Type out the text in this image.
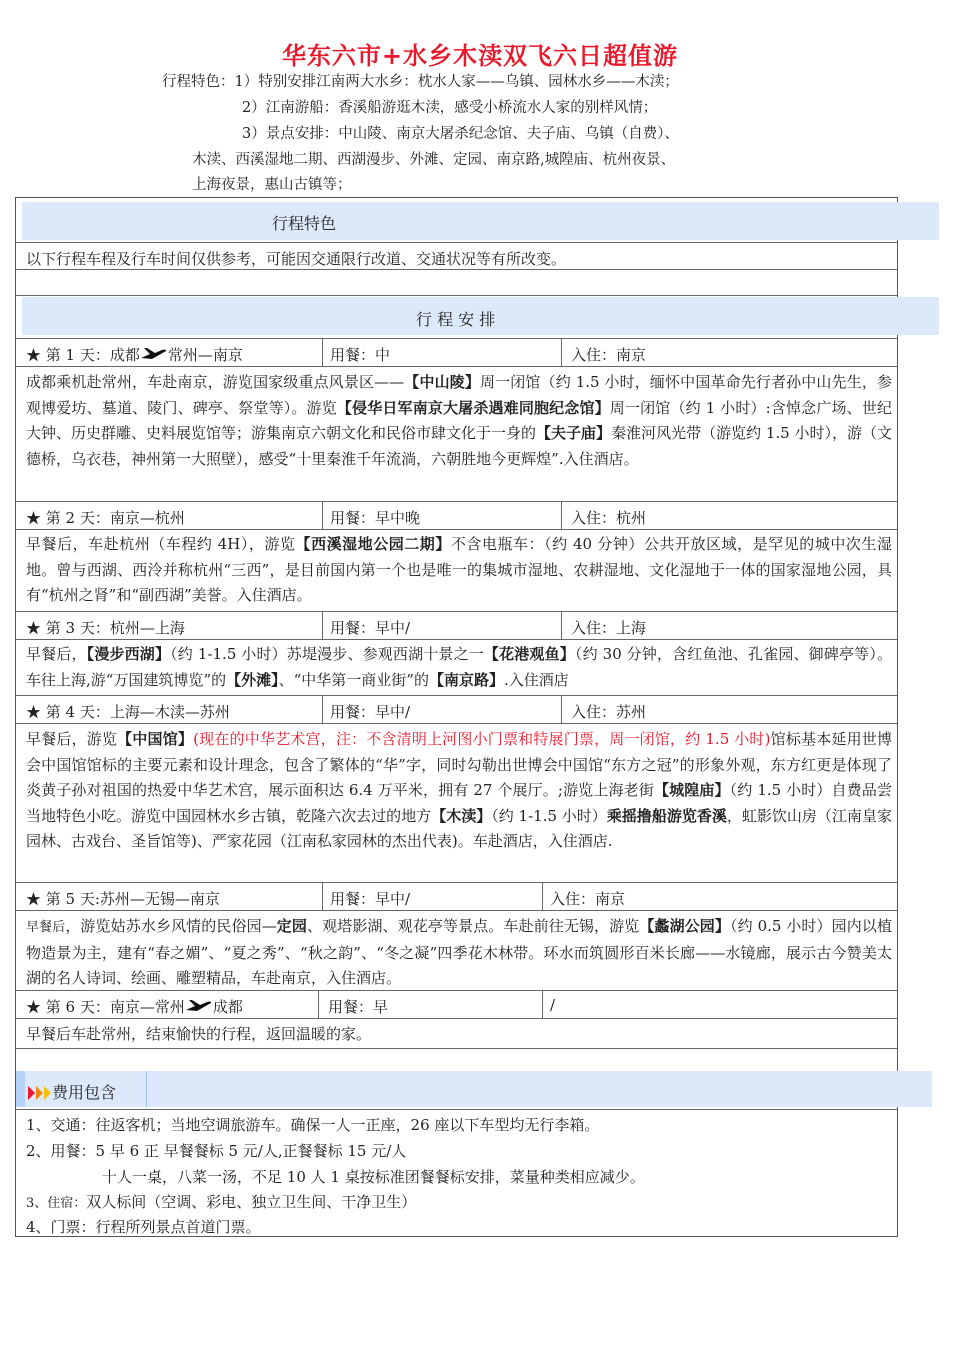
华东六市+水乡木渎双飞六日超值游
行程特色：1）特别安排江南两大水乡：枕水人家——乌镇、园林水乡——木渎；
2）江南游船：香溪船游逛木渎，感受小桥流水人家的别样风情；
3）景点安排：中山陵、南京大屠杀纪念馆、夫子庙、乌镇（自费）、
木渎、西溪湿地二期、西湖漫步、外滩、定园、南京路,城隍庙、杭州夜景、
上海夜景，惠山古镇等；
行程特色
以下行程车程及行车时间仅供参考，可能因交通限行改道、交通状况等有所改变。
行 程 安 排
★ 第 1 天：成都 常州—南京	用餐：中	入住：南京
成都乘机赴常州，车赴南京，游览国家级重点风景区——【中山陵】周一闭馆（约 1.5 小时，缅怀中国革命先行者孙中山先生，参观博爱坊、墓道、陵门、碑亭、祭堂等）。游览【侵华日军南京大屠杀遇难同胞纪念馆】周一闭馆（约 1 小时）:含悼念广场、世纪大钟、历史群雕、史料展览馆等；游集南京六朝文化和民俗市肆文化于一身的【夫子庙】秦淮河风光带（游览约 1.5 小时），游（文德桥，乌衣巷，神州第一大照壁），感受“十里秦淮千年流淌，六朝胜地今更辉煌”.入住酒店。
★ 第 2 天：南京—杭州	用餐：早中晚	入住：杭州
早餐后，车赴杭州（车程约 4H），游览【西溪湿地公园二期】不含电瓶车：（约 40 分钟）公共开放区域，是罕见的城中次生湿地。曾与西湖、西泠并称杭州“三西”，是目前国内第一个也是唯一的集城市湿地、农耕湿地、文化湿地于一体的国家湿地公园，具有“杭州之肾”和“副西湖”美誉。入住酒店。
★ 第 3 天：杭州—上海	用餐：早中/	入住：上海
早餐后，【漫步西湖】（约 1-1.5 小时）苏堤漫步、参观西湖十景之一【花港观鱼】（约 30 分钟，含红鱼池、孔雀园、御碑亭等）。车往上海,游“万国建筑博览”的【外滩】、“中华第一商业街”的【南京路】.入住酒店
★ 第 4 天：上海—木渎—苏州	用餐：早中/	入住：苏州
早餐后，游览【中国馆】(现在的中华艺术宫，注：不含清明上河图小门票和特展门票，周一闭馆，约 1.5 小时)馆标基本延用世博会中国馆馆标的主要元素和设计理念，包含了繁体的“华”字，同时勾勒出世博会中国馆“东方之冠”的形象外观，东方红更是体现了炎黄子孙对祖国的热爱中华艺术宫，展示面积达 6.4 万平米，拥有 27 个展厅。;游览上海老街【城隍庙】（约 1.5 小时）自费品尝当地特色小吃。游览中国园林水乡古镇，乾隆六次去过的地方【木渎】（约 1-1.5 小时）乘摇撸船游览香溪，虹影饮山房（江南皇家园林、古戏台、圣旨馆等)、严家花园（江南私家园林的杰出代表)。车赴酒店，入住酒店.
★ 第 5 天:苏州—无锡—南京	用餐：早中/	入住：南京
早餐后，游览姑苏水乡风情的民俗园—定园、观塔影湖、观花亭等景点。车赴前往无锡，游览【蠡湖公园】（约 0.5 小时）园内以植物造景为主，建有“春之媚”、“夏之秀”、“秋之韵”、“冬之凝”四季花木林带。环水而筑圆形百米长廊——水镜廊，展示古今赞美太湖的名人诗词、绘画、雕塑精品，车赴南京，入住酒店。
★ 第 6 天：南京—常州 成都	用餐：早	/
早餐后车赴常州，结束愉快的行程，返回温暖的家。
费用包含
1、交通：往返客机；当地空调旅游车。确保一人一正座，26 座以下车型均无行李箱。
2、用餐：5 早 6 正 早餐餐标 5 元/人,正餐餐标 15 元/人
十人一桌，八菜一汤，不足 10 人 1 桌按标准团餐餐标安排，菜量种类相应减少。
3、住宿：双人标间（空调、彩电、独立卫生间、干净卫生）
4、门票：行程所列景点首道门票。
